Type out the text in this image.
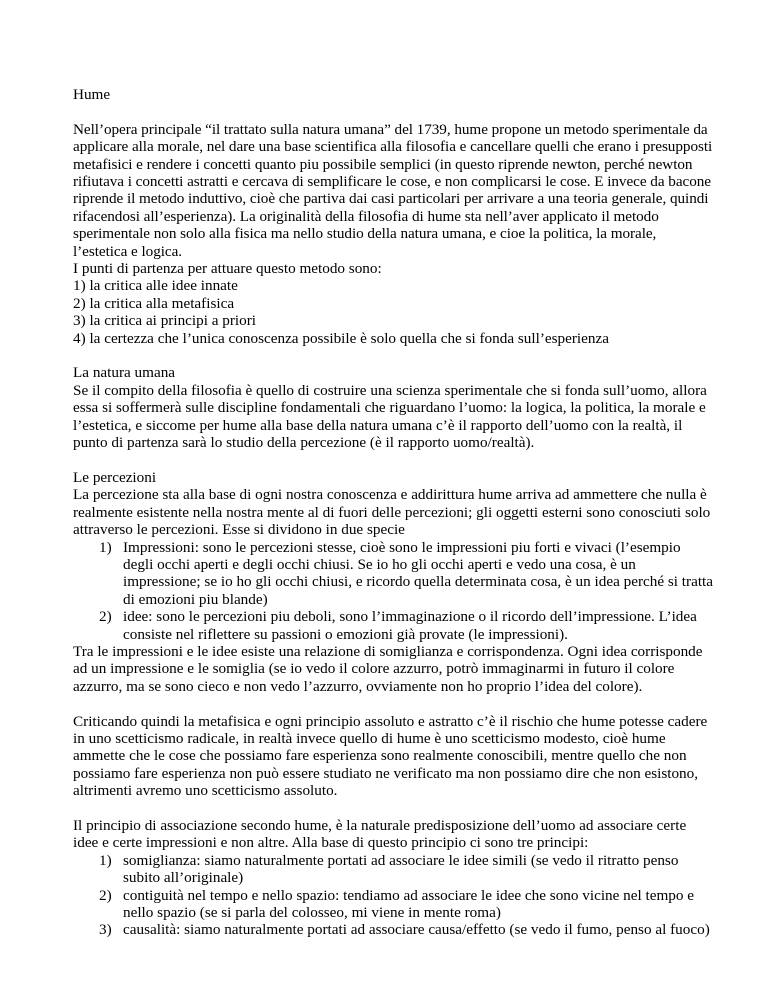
Hume

Nell’opera principale “il trattato sulla natura umana” del 1739, hume propone un metodo sperimentale da applicare alla morale, nel dare una base scientifica alla filosofia e cancellare quelli che erano i presupposti metafisici e rendere i concetti quanto piu possibile semplici (in questo riprende newton, perché newton rifiutava i concetti astratti e cercava di semplificare le cose, e non complicarsi le cose. E invece da bacone riprende il metodo induttivo, cioè che partiva dai casi particolari per arrivare a una teoria generale, quindi rifacendosi all’esperienza). La originalità della filosofia di hume sta nell’aver applicato il metodo sperimentale non solo alla fisica ma nello studio della natura umana, e cioe la politica, la morale, l’estetica e logica.

I punti di partenza per attuare questo metodo sono:

1) la critica alle idee innate

2) la critica alla metafisica

3) la critica ai principi a priori

4) la certezza che l’unica conoscenza possibile è solo quella che si fonda sull’esperienza

La natura umana

Se il compito della filosofia è quello di costruire una scienza sperimentale che si fonda sull’uomo, allora essa si soffermerà sulle discipline fondamentali che riguardano l’uomo: la logica, la politica, la morale e l’estetica, e siccome per hume alla base della natura umana c’è il rapporto dell’uomo con la realtà, il punto di partenza sarà lo studio della percezione (è il rapporto uomo/realtà).

Le percezioni

La percezione sta alla base di ogni nostra conoscenza e addirittura hume arriva ad ammettere che nulla è realmente esistente nella nostra mente al di fuori delle percezioni; gli oggetti esterni sono conosciuti solo attraverso le percezioni. Esse si dividono in due specie

1) Impressioni: sono le percezioni stesse, cioè sono le impressioni piu forti e vivaci (l’esempio degli occhi aperti e degli occhi chiusi. Se io ho gli occhi aperti e vedo una cosa, è un impressione; se io ho gli occhi chiusi, e ricordo quella determinata cosa, è un idea perché si tratta di emozioni piu blande)
2) idee: sono le percezioni piu deboli, sono l’immaginazione o il ricordo dell’impressione. L’idea consiste nel riflettere su passioni o emozioni già provate (le impressioni).

Tra le impressioni e le idee esiste una relazione di somiglianza e corrispondenza. Ogni idea corrisponde ad un impressione e le somiglia (se io vedo il colore azzurro, potrò immaginarmi in futuro il colore azzurro, ma se sono cieco e non vedo l’azzurro, ovviamente non ho proprio l’idea del colore).

Criticando quindi la metafisica e ogni principio assoluto e astratto c’è il rischio che hume potesse cadere in uno scetticismo radicale, in realtà invece quello di hume è uno scetticismo modesto, cioè hume ammette che le cose che possiamo fare esperienza sono realmente conoscibili, mentre quello che non possiamo fare esperienza non può essere studiato ne verificato ma non possiamo dire che non esistono, altrimenti avremo uno scetticismo assoluto.

Il principio di associazione secondo hume, è la naturale predisposizione dell’uomo ad associare certe idee e certe impressioni e non altre. Alla base di questo principio ci sono tre principi:

1) somiglianza: siamo naturalmente portati ad associare le idee simili (se vedo il ritratto penso subito all’originale)
2) contiguità nel tempo e nello spazio: tendiamo ad associare le idee che sono vicine nel tempo e nello spazio (se si parla del colosseo, mi viene in mente roma)
3) causalità: siamo naturalmente portati ad associare causa/effetto (se vedo il fumo, penso al fuoco)
